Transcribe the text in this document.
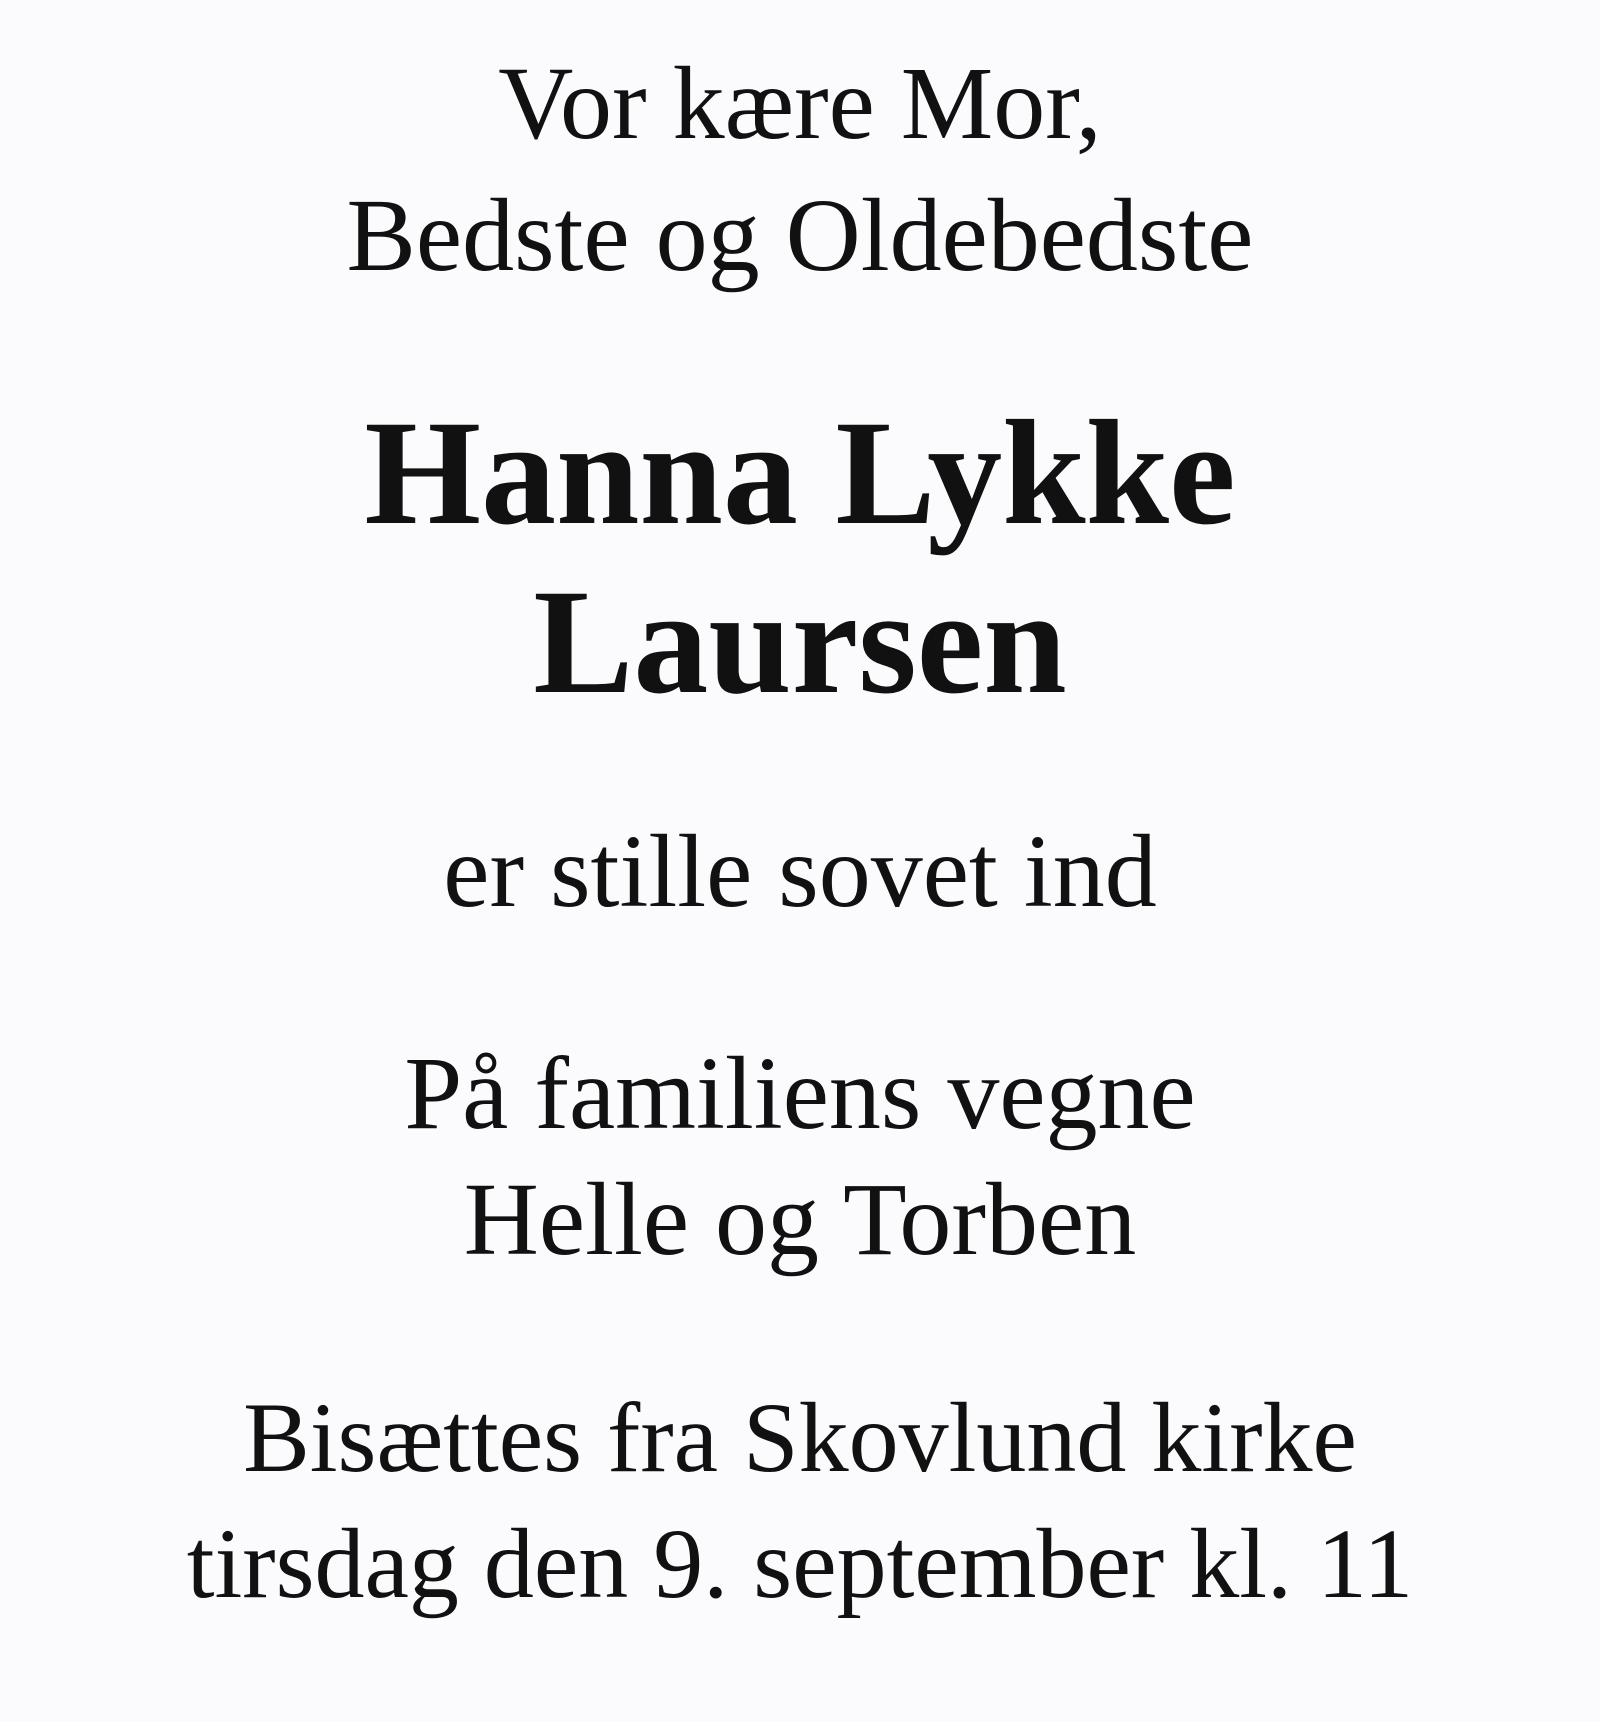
Vor kære Mor,
Bedste og Oldebedste
Hanna Lykke
Laursen
er stille sovet ind
På familiens vegne
Helle og Torben
Bisættes fra Skovlund kirke
tirsdag den 9. september kl. 11
